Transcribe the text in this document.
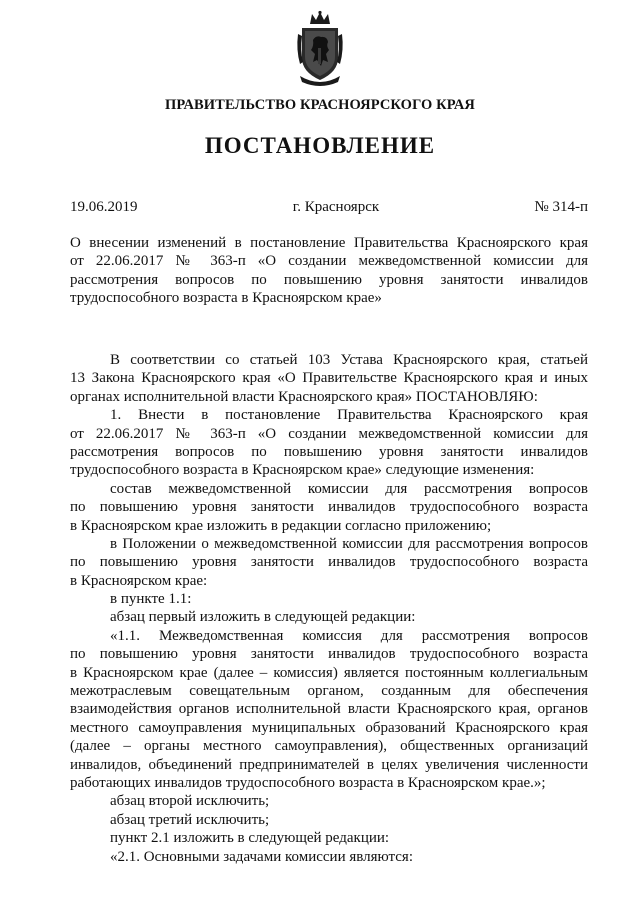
ПРАВИТЕЛЬСТВО КРАСНОЯРСКОГО КРАЯ
ПОСТАНОВЛЕНИЕ
19.06.2019	г. Красноярск	№ 314-п
О внесении изменений в постановление Правительства Красноярского края
от 22.06.2017 № 363-п «О создании межведомственной комиссии для
рассмотрения вопросов по повышению уровня занятости инвалидов
трудоспособного возраста в Красноярском крае»
В соответствии со статьей 103 Устава Красноярского края, статьей
13 Закона Красноярского края «О Правительстве Красноярского края и иных
органах исполнительной власти Красноярского края» ПОСТАНОВЛЯЮ:
1. Внести в постановление Правительства Красноярского края
от 22.06.2017 № 363-п «О создании межведомственной комиссии для
рассмотрения вопросов по повышению уровня занятости инвалидов
трудоспособного возраста в Красноярском крае» следующие изменения:
состав межведомственной комиссии для рассмотрения вопросов
по повышению уровня занятости инвалидов трудоспособного возраста
в Красноярском крае изложить в редакции согласно приложению;
в Положении о межведомственной комиссии для рассмотрения вопросов
по повышению уровня занятости инвалидов трудоспособного возраста
в Красноярском крае:
в пункте 1.1:
абзац первый изложить в следующей редакции:
«1.1. Межведомственная комиссия для рассмотрения вопросов
по повышению уровня занятости инвалидов трудоспособного возраста
в Красноярском крае (далее – комиссия) является постоянным коллегиальным
межотраслевым совещательным органом, созданным для обеспечения
взаимодействия органов исполнительной власти Красноярского края, органов
местного самоуправления муниципальных образований Красноярского края
(далее – органы местного самоуправления), общественных организаций
инвалидов, объединений предпринимателей в целях увеличения численности
работающих инвалидов трудоспособного возраста в Красноярском крае.»;
абзац второй исключить;
абзац третий исключить;
пункт 2.1 изложить в следующей редакции:
«2.1. Основными задачами комиссии являются:
